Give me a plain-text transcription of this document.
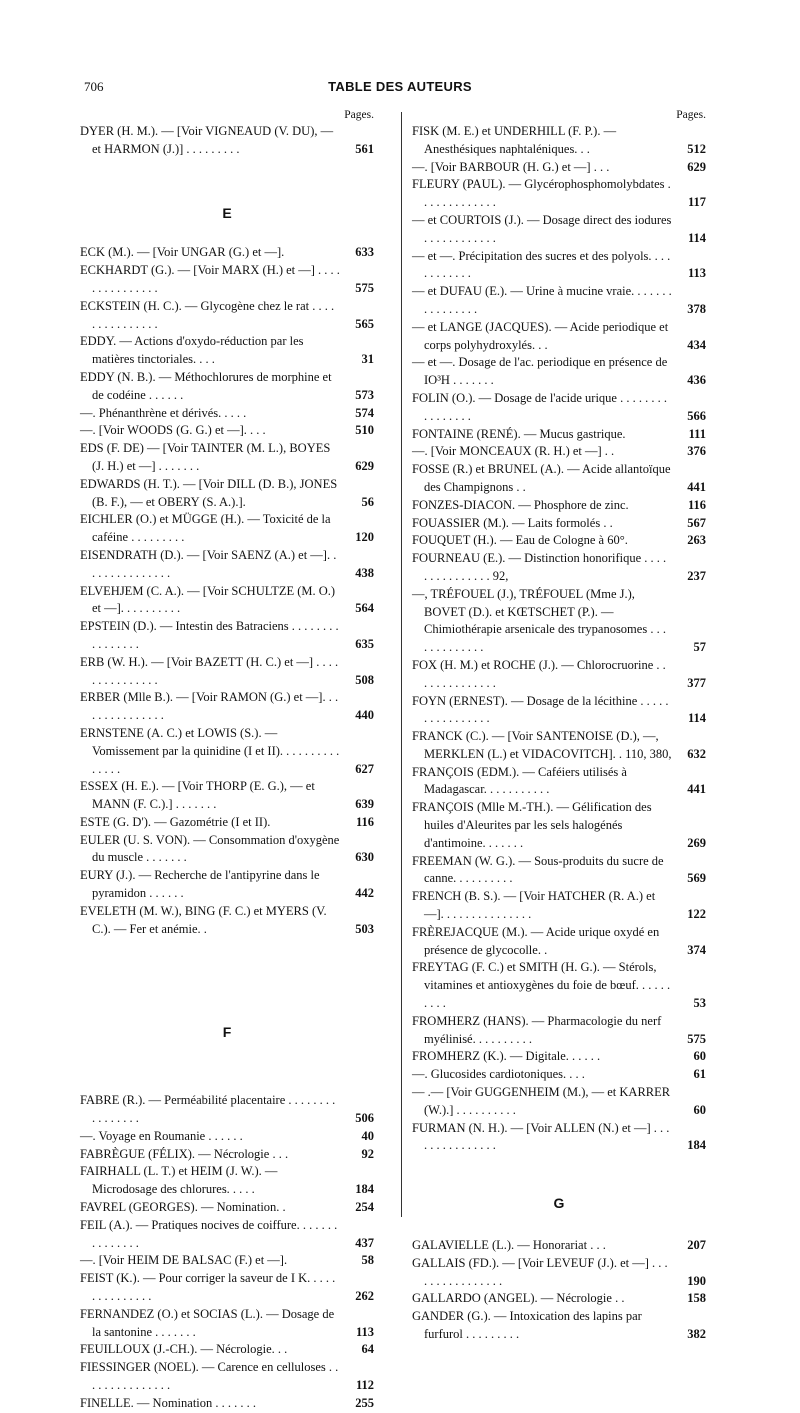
706	TABLE DES AUTEURS
Pages.
DYER (H. M.). — [Voir VIGNEAUD (V. DU), — et HARMON (J.)] . . . . . . . . .	561
E
ECK (M.). — [Voir UNGAR (G.) et —].	633
ECKHARDT (G.). — [Voir MARX (H.) et —] . . . . . . . . . . . . . . .	575
ECKSTEIN (H. C.). — Glycogène chez le rat . . . . . . . . . . . . . . .	565
EDDY. — Actions d'oxydo-réduction par les matières tinctoriales. . . .	31
EDDY (N. B.). — Méthochlorures de morphine et de codéine . . . . . .	573
—. Phénanthrène et dérivés. . . . .	574
—. [Voir WOODS (G. G.) et —]. . . .	510
EDS (F. DE) — [Voir TAINTER (M. L.), BOYES (J. H.) et —] . . . . . . .	629
EDWARDS (H. T.). — [Voir DILL (D. B.), JONES (B. F.), — et OBERY (S. A.).].	56
EICHLER (O.) et MÜGGE (H.). — Toxicité de la caféine . . . . . . . . .	120
EISENDRATH (D.). — [Voir SAENZ (A.) et —]. . . . . . . . . . . . . . .	438
ELVEHJEM (C. A.). — [Voir SCHULTZE (M. O.) et —]. . . . . . . . . .	564
EPSTEIN (D.). — Intestin des Batraciens . . . . . . . . . . . . . . . .	635
ERB (W. H.). — [Voir BAZETT (H. C.) et —] . . . . . . . . . . . . . . .	508
ERBER (Mlle B.). — [Voir RAMON (G.) et —]. . . . . . . . . . . . . . .	440
ERNSTENE (A. C.) et LOWIS (S.). — Vomissement par la quinidine (I et II). . . . . . . . . . . . . . .	627
ESSEX (H. E.). — [Voir THORP (E. G.), — et MANN (F. C.).] . . . . . . .	639
ESTE (G. D'). — Gazométrie (I et II).	116
EULER (U. S. VON). — Consommation d'oxygène du muscle . . . . . . .	630
EURY (J.). — Recherche de l'antipyrine dans le pyramidon . . . . . .	442
EVELETH (M. W.), BING (F. C.) et MYERS (V. C.). — Fer et anémie. .	503
F
FABRE (R.). — Perméabilité placentaire . . . . . . . . . . . . . . . .	506
—. Voyage en Roumanie . . . . . .	40
FABRÈGUE (FÉLIX). — Nécrologie . . .	92
FAIRHALL (L. T.) et HEIM (J. W.). — Microdosage des chlorures. . . . .	184
FAVREL (GEORGES). — Nomination. .	254
FEIL (A.). — Pratiques nocives de coiffure. . . . . . . . . . . . . . .	437
—. [Voir HEIM DE BALSAC (F.) et —].	58
FEIST (K.). — Pour corriger la saveur de I K. . . . . . . . . . . . . . .	262
FERNANDEZ (O.) et SOCIAS (L.). — Dosage de la santonine . . . . . . .	113
FEUILLOUX (J.-CH.). — Nécrologie. . .	64
FIESSINGER (NOEL). — Carence en celluloses . . . . . . . . . . . . . . .	112
FINELLE. — Nomination . . . . . . .	255
Pages.
FISK (M. E.) et UNDERHILL (F. P.). — Anesthésiques naphtaléniques. . .	512
—. [Voir BARBOUR (H. G.) et —] . . .	629
FLEURY (PAUL). — Glycérophosphomolybdates . . . . . . . . . . . . .	117
— et COURTOIS (J.). — Dosage direct des iodures . . . . . . . . . . . .	114
— et —. Précipitation des sucres et des polyols. . . . . . . . . . . .	113
— et DUFAU (E.). — Urine à mucine vraie. . . . . . . . . . . . . . . .	378
— et LANGE (JACQUES). — Acide periodique et corps polyhydroxylés. . .	434
— et —. Dosage de l'ac. periodique en présence de IO³H . . . . . . .	436
FOLIN (O.). — Dosage de l'acide urique . . . . . . . . . . . . . . . .	566
FONTAINE (RENÉ). — Mucus gastrique.	111
—. [Voir MONCEAUX (R. H.) et —] . .	376
FOSSE (R.) et BRUNEL (A.). — Acide allantoïque des Champignons . .	441
FONZES-DIACON. — Phosphore de zinc.	116
FOUASSIER (M.). — Laits formolés . .	567
FOUQUET (H.). — Eau de Cologne à 60°.	263
FOURNEAU (E.). — Distinction honorifique . . . . . . . . . . . . . . . 92,	237
—, TRÉFOUEL (J.), TRÉFOUEL (Mme J.), BOVET (D.). et KŒTSCHET (P.). — Chimiothérapie arsenicale des trypanosomes . . . . . . . . . . . . .	57
FOX (H. M.) et ROCHE (J.). — Chlorocruorine . . . . . . . . . . . . . .	377
FOYN (ERNEST). — Dosage de la lécithine . . . . . . . . . . . . . . . .	114
FRANCK (C.). — [Voir SANTENOISE (D.), —, MERKLEN (L.) et VIDACOVITCH]. . 110, 380,	632
FRANÇOIS (EDM.). — Caféiers utilisés à Madagascar. . . . . . . . . . .	441
FRANÇOIS (Mlle M.-TH.). — Gélification des huiles d'Aleurites par les sels halogénés d'antimoine. . . . . . .	269
FREEMAN (W. G.). — Sous-produits du sucre de canne. . . . . . . . . .	569
FRENCH (B. S.). — [Voir HATCHER (R. A.) et —]. . . . . . . . . . . . . . .	122
FRÈREJACQUE (M.). — Acide urique oxydé en présence de glycocolle. .	374
FREYTAG (F. C.) et SMITH (H. G.). — Stérols, vitamines et antioxygènes du foie de bœuf. . . . . . . . . .	53
FROMHERZ (HANS). — Pharmacologie du nerf myélinisé. . . . . . . . . .	575
FROMHERZ (K.). — Digitale. . . . . .	60
—. Glucosides cardiotoniques. . . .	61
— .— [Voir GUGGENHEIM (M.), — et KARRER (W.).] . . . . . . . . . .	60
FURMAN (N. H.). — [Voir ALLEN (N.) et —] . . . . . . . . . . . . . . .	184
G
GALAVIELLE (L.). — Honorariat . . .	207
GALLAIS (FD.). — [Voir LEVEUF (J.). et —] . . . . . . . . . . . . . . . .	190
GALLARDO (ANGEL). — Nécrologie . .	158
GANDER (G.). — Intoxication des lapins par furfurol . . . . . . . . .	382
